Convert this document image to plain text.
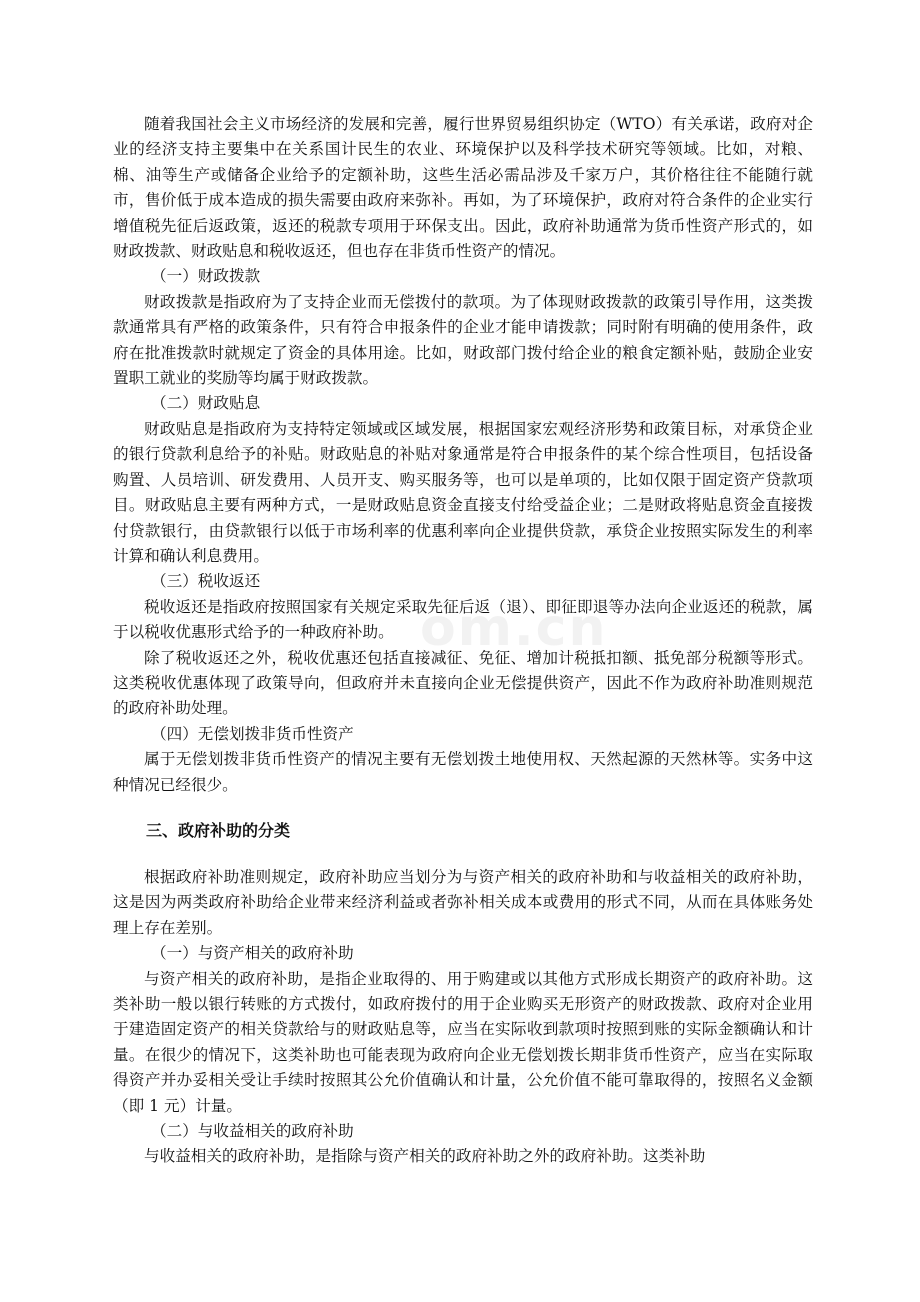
om.cn

随着我国社会主义市场经济的发展和完善，履行世界贸易组织协定（WTO）有关承诺，政府对企业的经济支持主要集中在关系国计民生的农业、环境保护以及科学技术研究等领域。比如，对粮、棉、油等生产或储备企业给予的定额补助，这些生活必需品涉及千家万户，其价格往往不能随行就市，售价低于成本造成的损失需要由政府来弥补。再如，为了环境保护，政府对符合条件的企业实行增值税先征后返政策，返还的税款专项用于环保支出。因此，政府补助通常为货币性资产形式的，如财政拨款、财政贴息和税收返还，但也存在非货币性资产的情况。

（一）财政拨款

财政拨款是指政府为了支持企业而无偿拨付的款项。为了体现财政拨款的政策引导作用，这类拨款通常具有严格的政策条件，只有符合申报条件的企业才能申请拨款；同时附有明确的使用条件，政府在批准拨款时就规定了资金的具体用途。比如，财政部门拨付给企业的粮食定额补贴，鼓励企业安置职工就业的奖励等均属于财政拨款。

（二）财政贴息

财政贴息是指政府为支持特定领域或区域发展，根据国家宏观经济形势和政策目标，对承贷企业的银行贷款利息给予的补贴。财政贴息的补贴对象通常是符合申报条件的某个综合性项目，包括设备购置、人员培训、研发费用、人员开支、购买服务等，也可以是单项的，比如仅限于固定资产贷款项目。财政贴息主要有两种方式，一是财政贴息资金直接支付给受益企业；二是财政将贴息资金直接拨付贷款银行，由贷款银行以低于市场利率的优惠利率向企业提供贷款，承贷企业按照实际发生的利率计算和确认利息费用。

（三）税收返还

税收返还是指政府按照国家有关规定采取先征后返（退）、即征即退等办法向企业返还的税款，属于以税收优惠形式给予的一种政府补助。

除了税收返还之外，税收优惠还包括直接减征、免征、增加计税抵扣额、抵免部分税额等形式。这类税收优惠体现了政策导向，但政府并未直接向企业无偿提供资产，因此不作为政府补助准则规范的政府补助处理。

（四）无偿划拨非货币性资产

属于无偿划拨非货币性资产的情况主要有无偿划拨土地使用权、天然起源的天然林等。实务中这种情况已经很少。

三、政府补助的分类

根据政府补助准则规定，政府补助应当划分为与资产相关的政府补助和与收益相关的政府补助，这是因为两类政府补助给企业带来经济利益或者弥补相关成本或费用的形式不同，从而在具体账务处理上存在差别。

（一）与资产相关的政府补助

与资产相关的政府补助，是指企业取得的、用于购建或以其他方式形成长期资产的政府补助。这类补助一般以银行转账的方式拨付，如政府拨付的用于企业购买无形资产的财政拨款、政府对企业用于建造固定资产的相关贷款给与的财政贴息等，应当在实际收到款项时按照到账的实际金额确认和计量。在很少的情况下，这类补助也可能表现为政府向企业无偿划拨长期非货币性资产，应当在实际取得资产并办妥相关受让手续时按照其公允价值确认和计量，公允价值不能可靠取得的，按照名义金额（即 1 元）计量。

（二）与收益相关的政府补助

与收益相关的政府补助，是指除与资产相关的政府补助之外的政府补助。这类补助
